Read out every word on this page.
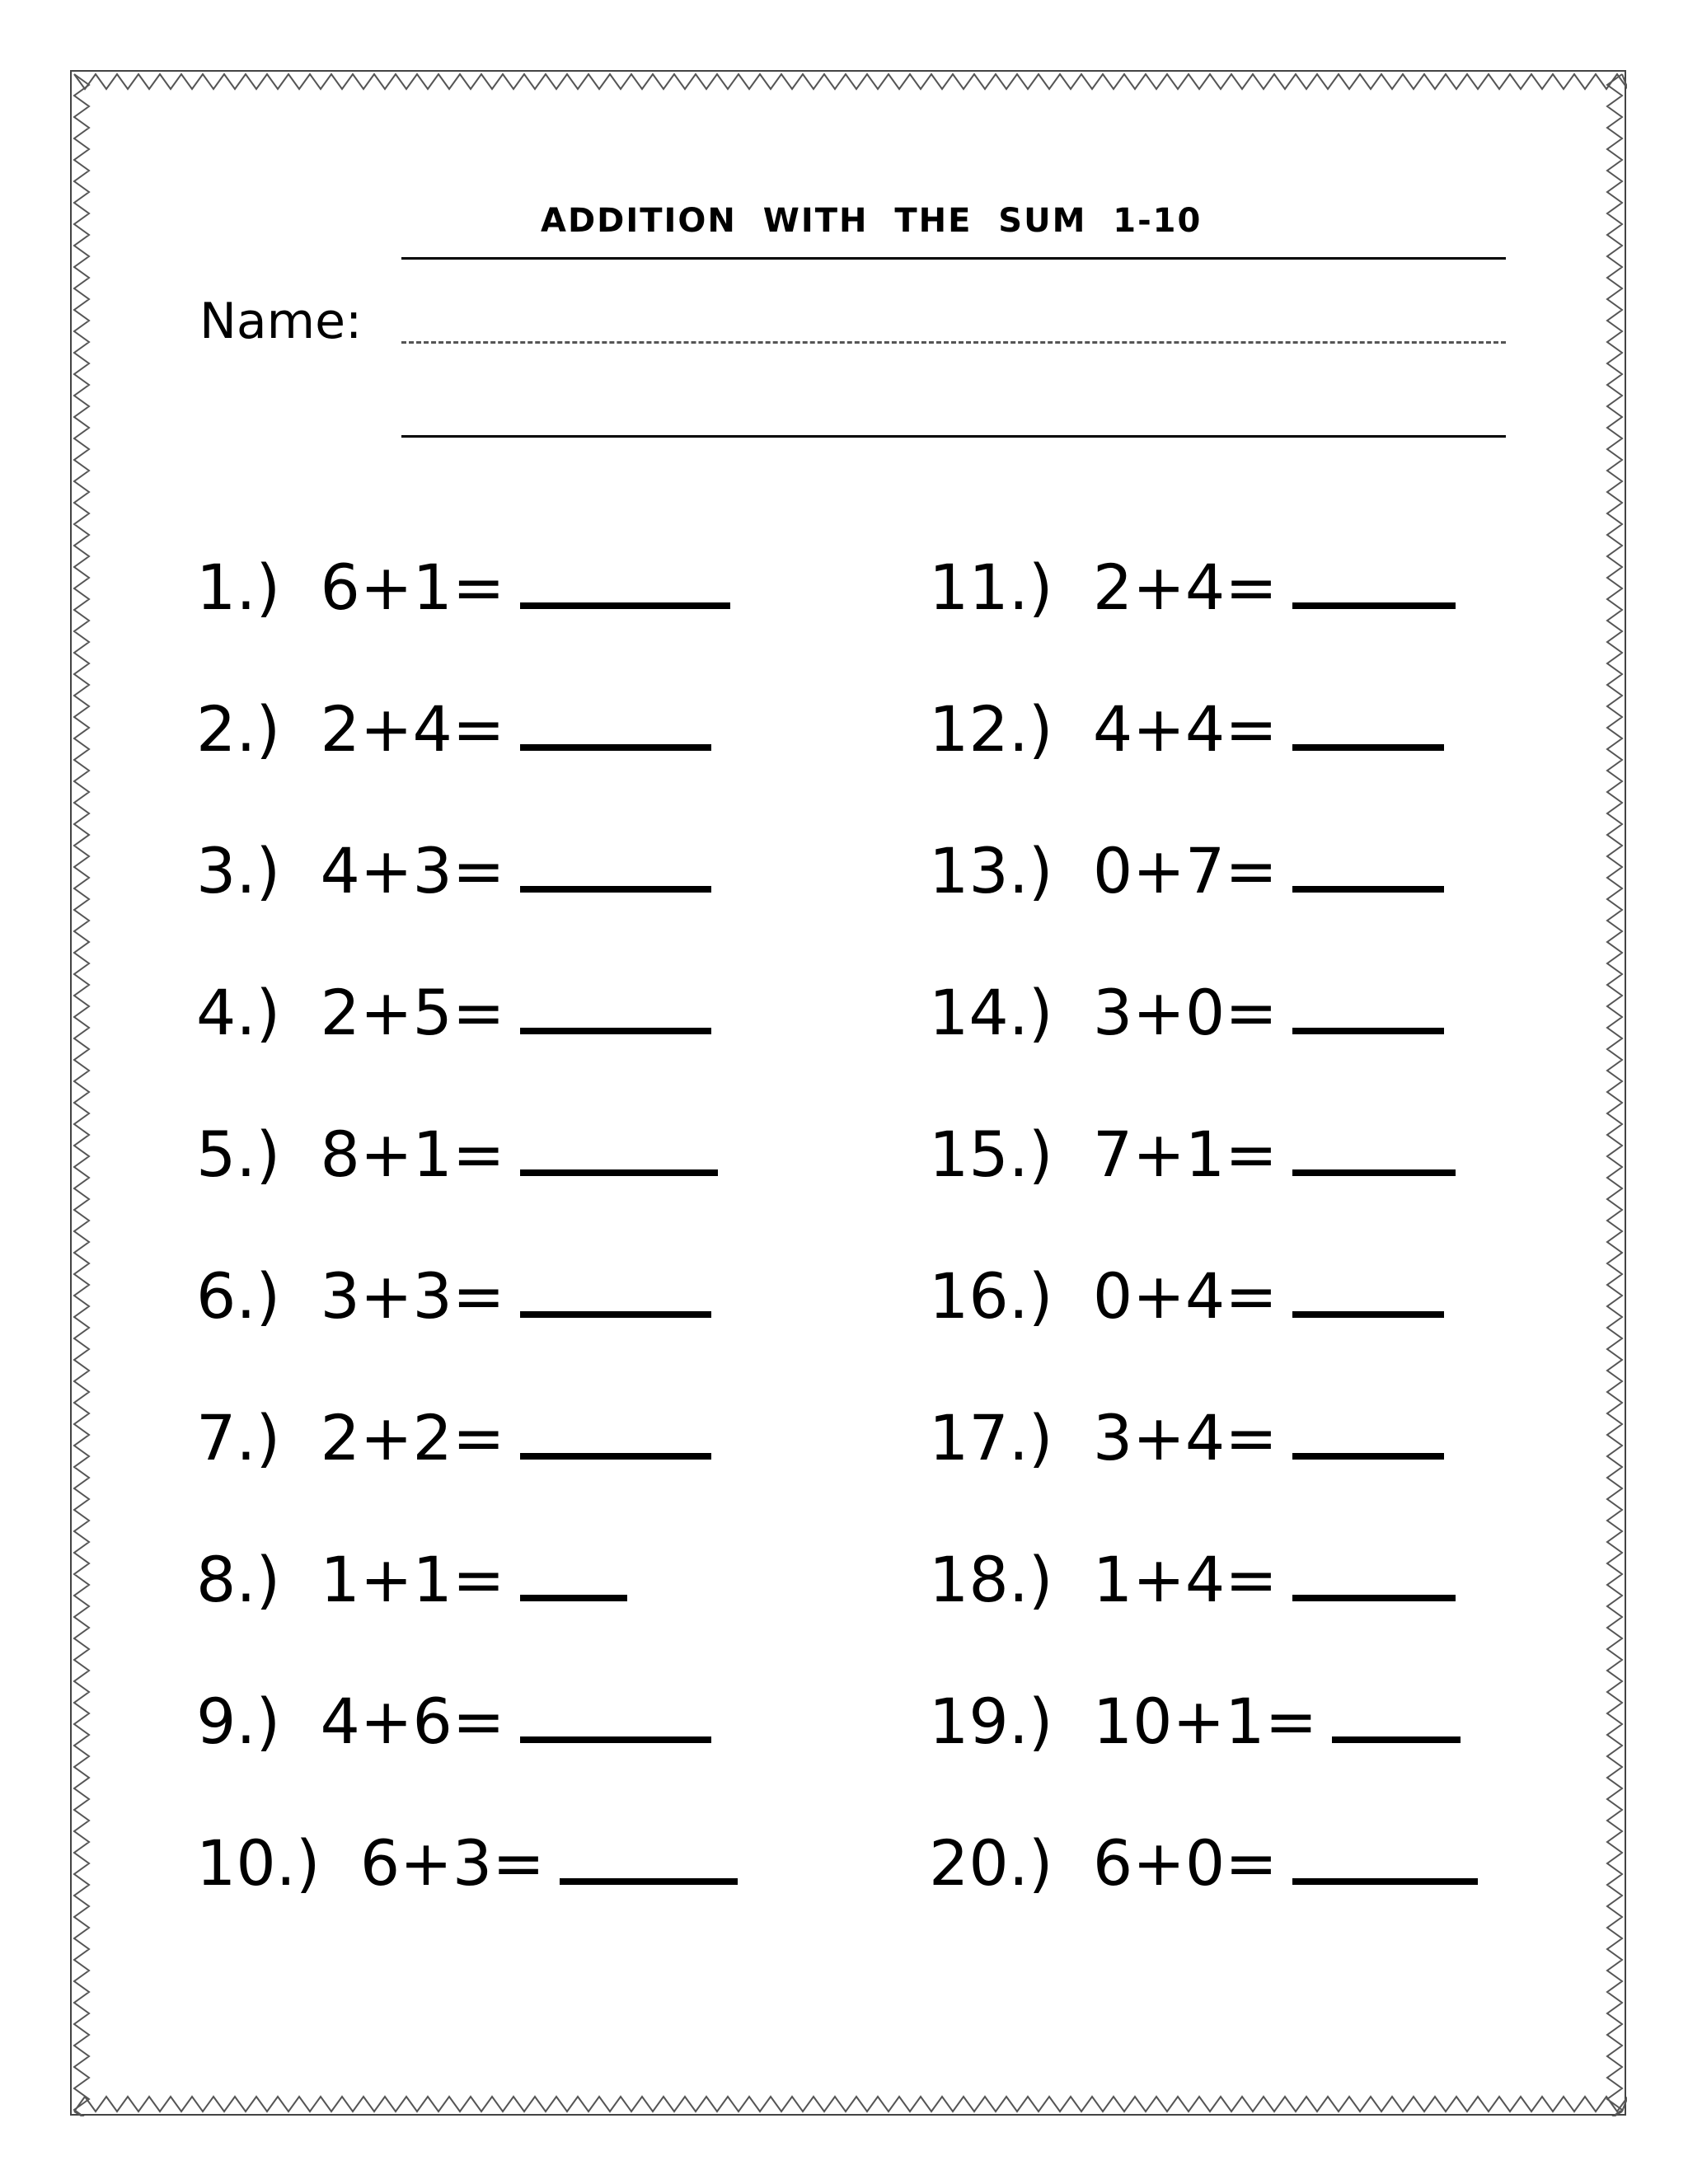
ADDITION  WITH  THE  SUM  1-10
Name:
1.)  6+1=
2.)  2+4=
3.)  4+3=
4.)  2+5=
5.)  8+1=
6.)  3+3=
7.)  2+2=
8.)  1+1=
9.)  4+6=
10.)  6+3=
11.)  2+4=
12.)  4+4=
13.)  0+7=
14.)  3+0=
15.)  7+1=
16.)  0+4=
17.)  3+4=
18.)  1+4=
19.)  10+1=
20.)  6+0=
